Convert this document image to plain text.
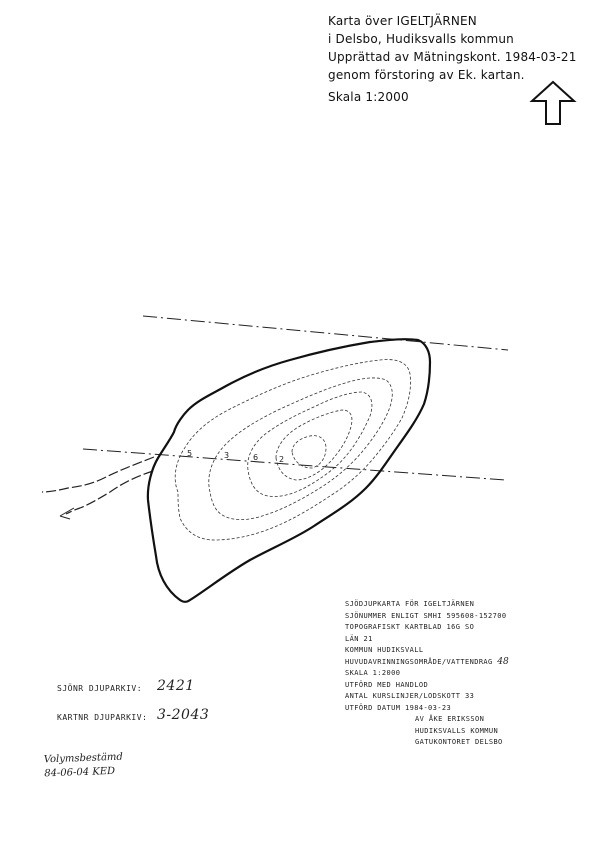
5	3	6	2
Karta över IGELTJÄRNEN
i Delsbo, Hudiksvalls kommun
Upprättad av Mätningskont. 1984-03-21
genom förstoring av Ek. kartan.
Skala 1:2000
SJÖDJUPKARTA FÖR IGELTJÄRNEN
SJÖNUMMER ENLIGT SMHI 595608-152700
TOPOGRAFISKT KARTBLAD 16G SO
LÄN 21
KOMMUN HUDIKSVALL
HUVUDAVRINNINGSOMRÅDE/VATTENDRAG 48
SKALA 1:2000
UTFÖRD MED HANDLOD
ANTAL KURSLINJER/LODSKOTT 33
UTFÖRD DATUM 1984-03-23
AV ÅKE ERIKSSON
HUDIKSVALLS KOMMUN
GATUKONTORET DELSBO
SJÖNR DJUPARKIV: 2421
KARTNR DJUPARKIV: 3-2043
Volymsbestämd
84-06-04 KED
